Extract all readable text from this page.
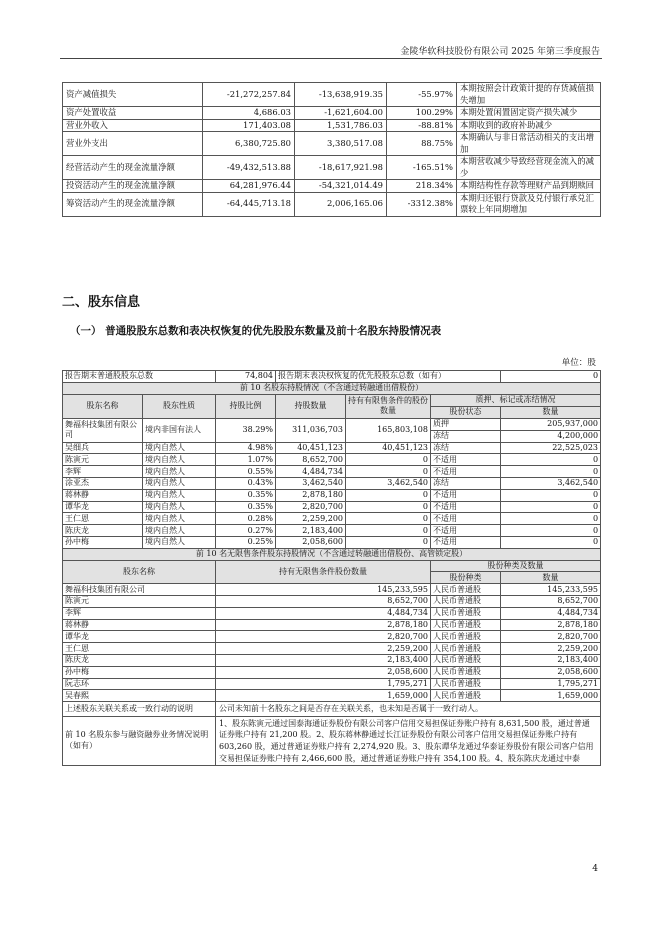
金陵华软科技股份有限公司 2025 年第三季度报告
资产减值损失	-21,272,257.84	-13,638,919.35	-55.97%	本期按照会计政策计提的存货减值损失增加
资产处置收益	4,686.03	-1,621,604.00	100.29%	本期处置闲置固定资产损失减少
营业外收入	171,403.08	1,531,786.03	-88.81%	本期收到的政府补助减少
营业外支出	6,380,725.80	3,380,517.08	88.75%	本期确认与非日常活动相关的支出增加
经营活动产生的现金流量净额	-49,432,513.88	-18,617,921.98	-165.51%	本期营收减少导致经营现金流入的减少
投资活动产生的现金流量净额	64,281,976.44	-54,321,014.49	218.34%	本期结构性存款等理财产品到期赎回
筹资活动产生的现金流量净额	-64,445,713.18	2,006,165.06	-3312.38%	本期归还银行贷款及兑付银行承兑汇票较上年同期增加
二、股东信息
（一） 普通股股东总数和表决权恢复的优先股股东数量及前十名股东持股情况表
单位：股
报告期末普通股股东总数		74,804	报告期末表决权恢复的优先股股东总数（如有）			0
前 10 名股东持股情况（不含通过转融通出借股份）						
股东名称	股东性质	持股比例	持股数量	持有有限售条件的股份数量	质押、标记或冻结情况	
					股份状态	数量
舞福科技集团有限公司	境内非国有法人	38.29%	311,036,703	165,803,108	质押	205,937,000
					冻结	4,200,000
吴细兵	境内自然人	4.98%	40,451,123	40,451,123	冻结	22,525,023
陈寅元	境内自然人	1.07%	8,652,700	0	不适用	0
李辉	境内自然人	0.55%	4,484,734	0	不适用	0
涂亚杰	境内自然人	0.43%	3,462,540	3,462,540	冻结	3,462,540
蒋林静	境内自然人	0.35%	2,878,180	0	不适用	0
谭华龙	境内自然人	0.35%	2,820,700	0	不适用	0
王仁恩	境内自然人	0.28%	2,259,200	0	不适用	0
陈庆龙	境内自然人	0.27%	2,183,400	0	不适用	0
孙中梅	境内自然人	0.25%	2,058,600	0	不适用	0
前 10 名无限售条件股东持股情况（不含通过转融通出借股份、高管锁定股）						
股东名称		持有无限售条件股份数量			股份种类及数量	
					股份种类	数量
舞福科技集团有限公司		145,233,595			人民币普通股	145,233,595
陈寅元		8,652,700			人民币普通股	8,652,700
李辉		4,484,734			人民币普通股	4,484,734
蒋林静		2,878,180			人民币普通股	2,878,180
谭华龙		2,820,700			人民币普通股	2,820,700
王仁恩		2,259,200			人民币普通股	2,259,200
陈庆龙		2,183,400			人民币普通股	2,183,400
孙中梅		2,058,600			人民币普通股	2,058,600
阮志环		1,795,271			人民币普通股	1,795,271
吴春熙		1,659,000			人民币普通股	1,659,000
上述股东关联关系或一致行动的说明		公司未知前十名股东之间是否存在关联关系，也未知是否属于一致行动人。				
前 10 名股东参与融资融券业务情况说明（如有）		1、股东陈寅元通过国泰海通证券股份有限公司客户信用交易担保证券账户持有 8,631,500 股，通过普通证券账户持有 21,200 股。2、股东蒋林静通过长江证券股份有限公司客户信用交易担保证券账户持有 603,260 股，通过普通证券账户持有 2,274,920 股。3、股东谭华龙通过华泰证券股份有限公司客户信用交易担保证券账户持有 2,466,600 股，通过普通证券账户持有 354,100 股。4、股东陈庆龙通过中泰				
4
